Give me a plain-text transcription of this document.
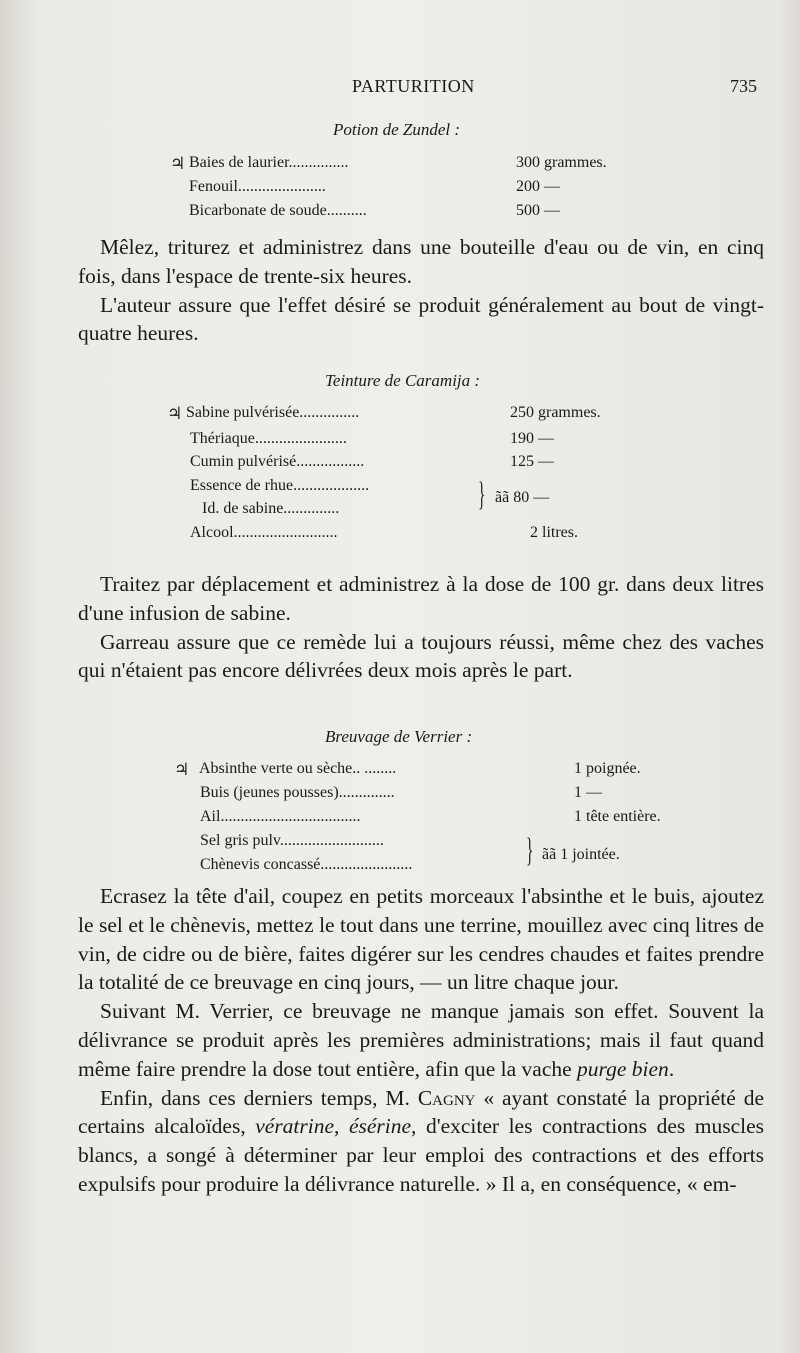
PARTURITION	735
Potion de Zundel :
♃ Baies de laurier...............	300 grammes.
Fenouil......................	200 —
Bicarbonate de soude..........	500 —

Mêlez, triturez et administrez dans une bouteille d'eau ou de vin, en cinq fois, dans l'espace de trente-six heures.

L'auteur assure que l'effet désiré se produit généralement au bout de vingt-quatre heures.

Teinture de Caramija :
♃ Sabine pulvérisée...............	250 grammes.
Thériaque.......................	190 —
Cumin pulvérisé.................	125 —
Essence de rhue...................
Id. de sabine..............	} ãã 80 —
Alcool..........................	2 litres.

Traitez par déplacement et administrez à la dose de 100 gr. dans deux litres d'une infusion de sabine.

Garreau assure que ce remède lui a toujours réussi, même chez des vaches qui n'étaient pas encore délivrées deux mois après le part.

Breuvage de Verrier :
♃ Absinthe verte ou sèche.. ........	1 poignée.
Buis (jeunes pousses)..............	1 —
Ail...................................	1 tête entière.
Sel gris pulv..........................
Chènevis concassé.......................	} ãã 1 jointée.

Ecrasez la tête d'ail, coupez en petits morceaux l'absinthe et le buis, ajoutez le sel et le chènevis, mettez le tout dans une terrine, mouillez avec cinq litres de vin, de cidre ou de bière, faites digérer sur les cendres chaudes et faites prendre la totalité de ce breuvage en cinq jours, — un litre chaque jour.

Suivant M. Verrier, ce breuvage ne manque jamais son effet. Souvent la délivrance se produit après les premières administrations; mais il faut quand même faire prendre la dose tout entière, afin que la vache purge bien.

Enfin, dans ces derniers temps, M. Cagny « ayant constaté la propriété de certains alcaloïdes, vératrine, ésérine, d'exciter les contractions des muscles blancs, a songé à déterminer par leur emploi des contractions et des efforts expulsifs pour produire la délivrance naturelle. » Il a, en conséquence, « em-
